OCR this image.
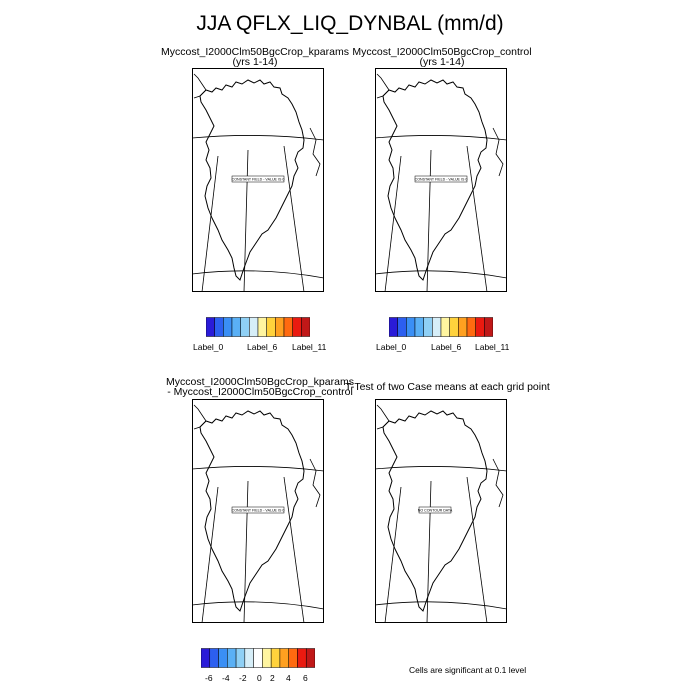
JJA QFLX_LIQ_DYNBAL (mm/d)
Myccost_I2000Clm50BgcCrop_kparams
(yrs 1-14)
CONSTANT FIELD - VALUE IS 0
Myccost_I2000Clm50BgcCrop_control
(yrs 1-14)
CONSTANT FIELD - VALUE IS 0
Label_0	Label_6 Label_11	Label_0	Label_6 Label_11
Myccost_I2000Clm50BgcCrop_kparams
- Myccost_I2000Clm50BgcCrop_control
CONSTANT FIELD - VALUE IS 0
T-Test of two Case means at each grid point
NO CONTOUR DATA
-6 -4 -2 0 2 4 6
Cells are significant at 0.1 level
